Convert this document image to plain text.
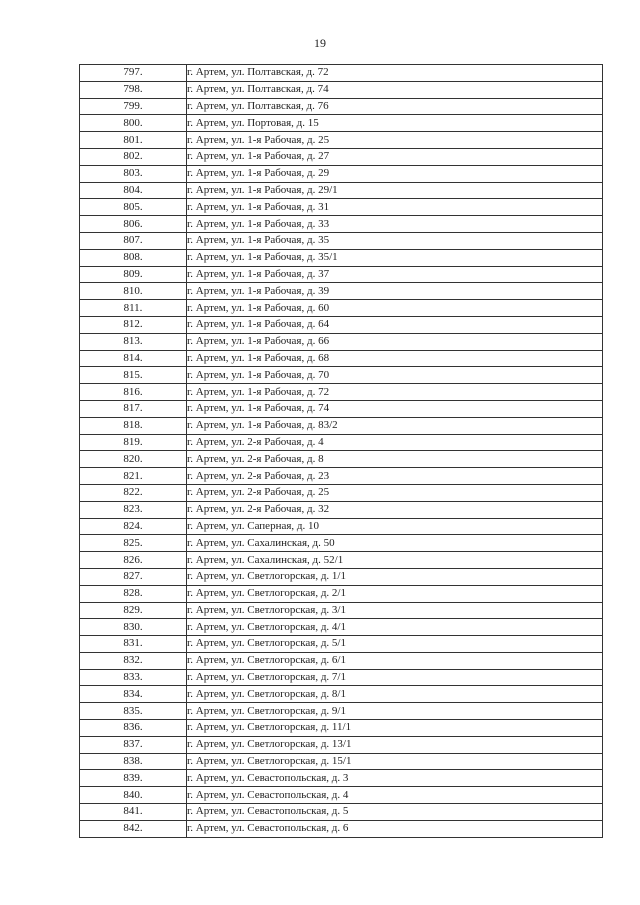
19
797.	г. Артем, ул. Полтавская, д. 72
798.	г. Артем, ул. Полтавская, д. 74
799.	г. Артем, ул. Полтавская, д. 76
800.	г. Артем, ул. Портовая, д. 15
801.	г. Артем, ул. 1-я Рабочая, д. 25
802.	г. Артем, ул. 1-я Рабочая, д. 27
803.	г. Артем, ул. 1-я Рабочая, д. 29
804.	г. Артем, ул. 1-я Рабочая, д. 29/1
805.	г. Артем, ул. 1-я Рабочая, д. 31
806.	г. Артем, ул. 1-я Рабочая, д. 33
807.	г. Артем, ул. 1-я Рабочая, д. 35
808.	г. Артем, ул. 1-я Рабочая, д. 35/1
809.	г. Артем, ул. 1-я Рабочая, д. 37
810.	г. Артем, ул. 1-я Рабочая, д. 39
811.	г. Артем, ул. 1-я Рабочая, д. 60
812.	г. Артем, ул. 1-я Рабочая, д. 64
813.	г. Артем, ул. 1-я Рабочая, д. 66
814.	г. Артем, ул. 1-я Рабочая, д. 68
815.	г. Артем, ул. 1-я Рабочая, д. 70
816.	г. Артем, ул. 1-я Рабочая, д. 72
817.	г. Артем, ул. 1-я Рабочая, д. 74
818.	г. Артем, ул. 1-я Рабочая, д. 83/2
819.	г. Артем, ул. 2-я Рабочая, д. 4
820.	г. Артем, ул. 2-я Рабочая, д. 8
821.	г. Артем, ул. 2-я Рабочая, д. 23
822.	г. Артем, ул. 2-я Рабочая, д. 25
823.	г. Артем, ул. 2-я Рабочая, д. 32
824.	г. Артем, ул. Саперная, д. 10
825.	г. Артем, ул. Сахалинская, д. 50
826.	г. Артем, ул. Сахалинская, д. 52/1
827.	г. Артем, ул. Светлогорская, д. 1/1
828.	г. Артем, ул. Светлогорская, д. 2/1
829.	г. Артем, ул. Светлогорская, д. 3/1
830.	г. Артем, ул. Светлогорская, д. 4/1
831.	г. Артем, ул. Светлогорская, д. 5/1
832.	г. Артем, ул. Светлогорская, д. 6/1
833.	г. Артем, ул. Светлогорская, д. 7/1
834.	г. Артем, ул. Светлогорская, д. 8/1
835.	г. Артем, ул. Светлогорская, д. 9/1
836.	г. Артем, ул. Светлогорская, д. 11/1
837.	г. Артем, ул. Светлогорская, д. 13/1
838.	г. Артем, ул. Светлогорская, д. 15/1
839.	г. Артем, ул. Севастопольская, д. 3
840.	г. Артем, ул. Севастопольская, д. 4
841.	г. Артем, ул. Севастопольская, д. 5
842.	г. Артем, ул. Севастопольская, д. 6
